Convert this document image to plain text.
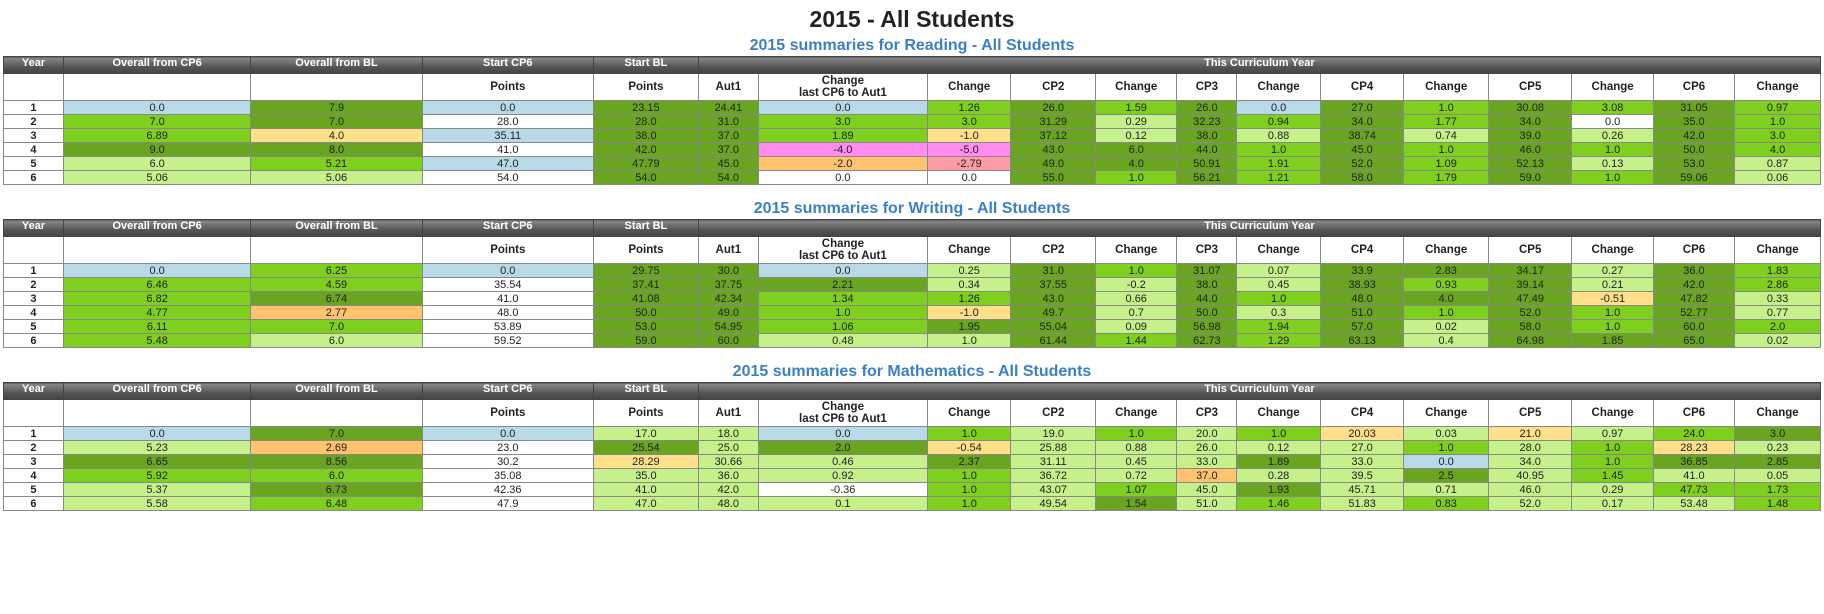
2015 - All Students
2015 summaries for Reading - All Students
Year	Overall from CP6	Overall from BL	Start CP6	Start BL	This Curriculum Year												
			Points	Points	Aut1	Change
last CP6 to Aut1	Change	CP2	Change	CP3	Change	CP4	Change	CP5	Change	CP6	Change
1	0.0	7.9	0.0	23.15	24.41	0.0	1.26	26.0	1.59	26.0	0.0	27.0	1.0	30.08	3.08	31.05	0.97
2	7.0	7.0	28.0	28.0	31.0	3.0	3.0	31.29	0.29	32.23	0.94	34.0	1.77	34.0	0.0	35.0	1.0
3	6.89	4.0	35.11	38.0	37.0	1.89	-1.0	37.12	0.12	38.0	0.88	38.74	0.74	39.0	0.26	42.0	3.0
4	9.0	8.0	41.0	42.0	37.0	-4.0	-5.0	43.0	6.0	44.0	1.0	45.0	1.0	46.0	1.0	50.0	4.0
5	6.0	5.21	47.0	47.79	45.0	-2.0	-2.79	49.0	4.0	50.91	1.91	52.0	1.09	52.13	0.13	53.0	0.87
6	5.06	5.06	54.0	54.0	54.0	0.0	0.0	55.0	1.0	56.21	1.21	58.0	1.79	59.0	1.0	59.06	0.06
2015 summaries for Writing - All Students
Year	Overall from CP6	Overall from BL	Start CP6	Start BL	This Curriculum Year												
			Points	Points	Aut1	Change
last CP6 to Aut1	Change	CP2	Change	CP3	Change	CP4	Change	CP5	Change	CP6	Change
1	0.0	6.25	0.0	29.75	30.0	0.0	0.25	31.0	1.0	31.07	0.07	33.9	2.83	34.17	0.27	36.0	1.83
2	6.46	4.59	35.54	37.41	37.75	2.21	0.34	37.55	-0.2	38.0	0.45	38.93	0.93	39.14	0.21	42.0	2.86
3	6.82	6.74	41.0	41.08	42.34	1.34	1.26	43.0	0.66	44.0	1.0	48.0	4.0	47.49	-0.51	47.82	0.33
4	4.77	2.77	48.0	50.0	49.0	1.0	-1.0	49.7	0.7	50.0	0.3	51.0	1.0	52.0	1.0	52.77	0.77
5	6.11	7.0	53.89	53.0	54.95	1.06	1.95	55.04	0.09	56.98	1.94	57.0	0.02	58.0	1.0	60.0	2.0
6	5.48	6.0	59.52	59.0	60.0	0.48	1.0	61.44	1.44	62.73	1.29	63.13	0.4	64.98	1.85	65.0	0.02
2015 summaries for Mathematics - All Students
Year	Overall from CP6	Overall from BL	Start CP6	Start BL	This Curriculum Year												
			Points	Points	Aut1	Change
last CP6 to Aut1	Change	CP2	Change	CP3	Change	CP4	Change	CP5	Change	CP6	Change
1	0.0	7.0	0.0	17.0	18.0	0.0	1.0	19.0	1.0	20.0	1.0	20.03	0.03	21.0	0.97	24.0	3.0
2	5.23	2.69	23.0	25.54	25.0	2.0	-0.54	25.88	0.88	26.0	0.12	27.0	1.0	28.0	1.0	28.23	0.23
3	6.65	8.56	30.2	28.29	30.66	0.46	2.37	31.11	0.45	33.0	1.89	33.0	0.0	34.0	1.0	36.85	2.85
4	5.92	6.0	35.08	35.0	36.0	0.92	1.0	36.72	0.72	37.0	0.28	39.5	2.5	40.95	1.45	41.0	0.05
5	5.37	6.73	42.36	41.0	42.0	-0.36	1.0	43.07	1.07	45.0	1.93	45.71	0.71	46.0	0.29	47.73	1.73
6	5.58	6.48	47.9	47.0	48.0	0.1	1.0	49.54	1.54	51.0	1.46	51.83	0.83	52.0	0.17	53.48	1.48
